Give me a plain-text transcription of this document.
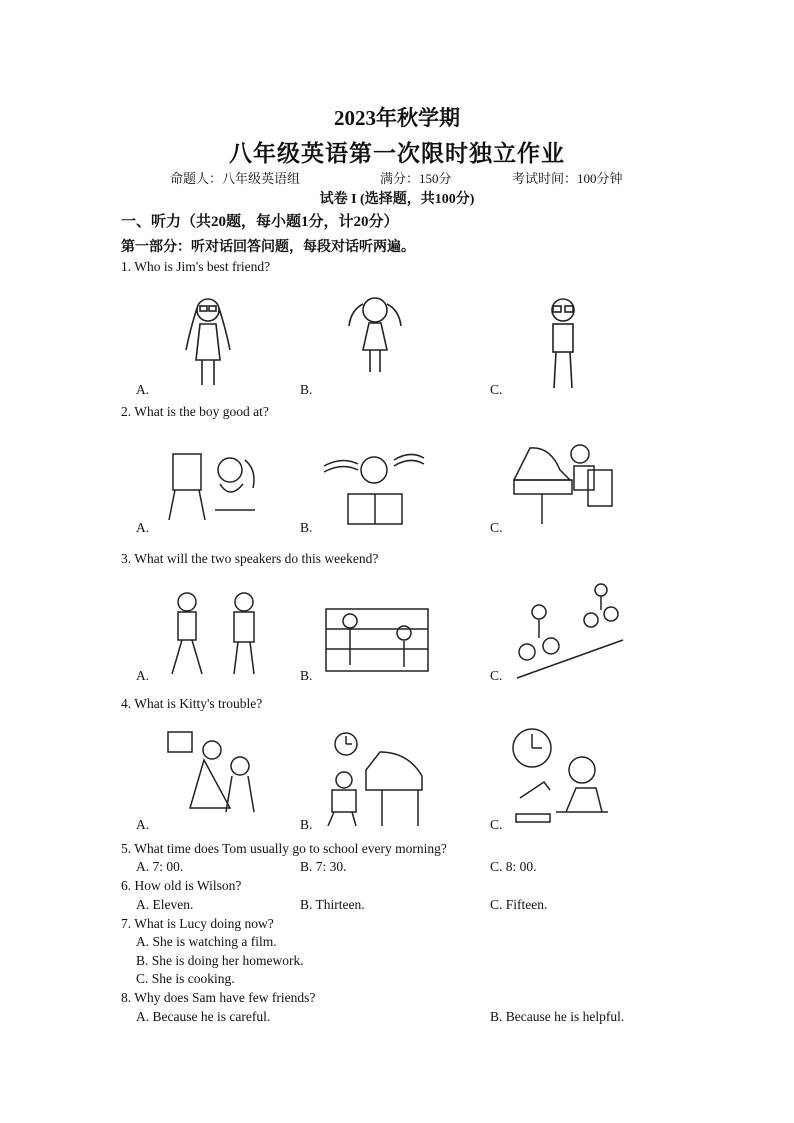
2023年秋学期
八年级英语第一次限时独立作业
命题人：八年级英语组	满分：150分	考试时间：100分钟
试卷 I (选择题，共100分)
一、听力（共20题，每小题1分，计20分）
第一部分：听对话回答问题，每段对话听两遍。
1. Who is Jim's best friend?
A.	B.	C.
2. What is the boy good at?
A.	B.	C.
3. What will the two speakers do this weekend?
A.	B.	C.
4. What is Kitty's trouble?
A.	B.	C.
5. What time does Tom usually go to school every morning?
A. 7: 00.	B. 7: 30.	C. 8: 00.
6. How old is Wilson?
A. Eleven.	B. Thirteen.	C. Fifteen.
7. What is Lucy doing now?
A. She is watching a film.
B. She is doing her homework.
C. She is cooking.
8. Why does Sam have few friends?
A. Because he is careful.	B. Because he is helpful.
